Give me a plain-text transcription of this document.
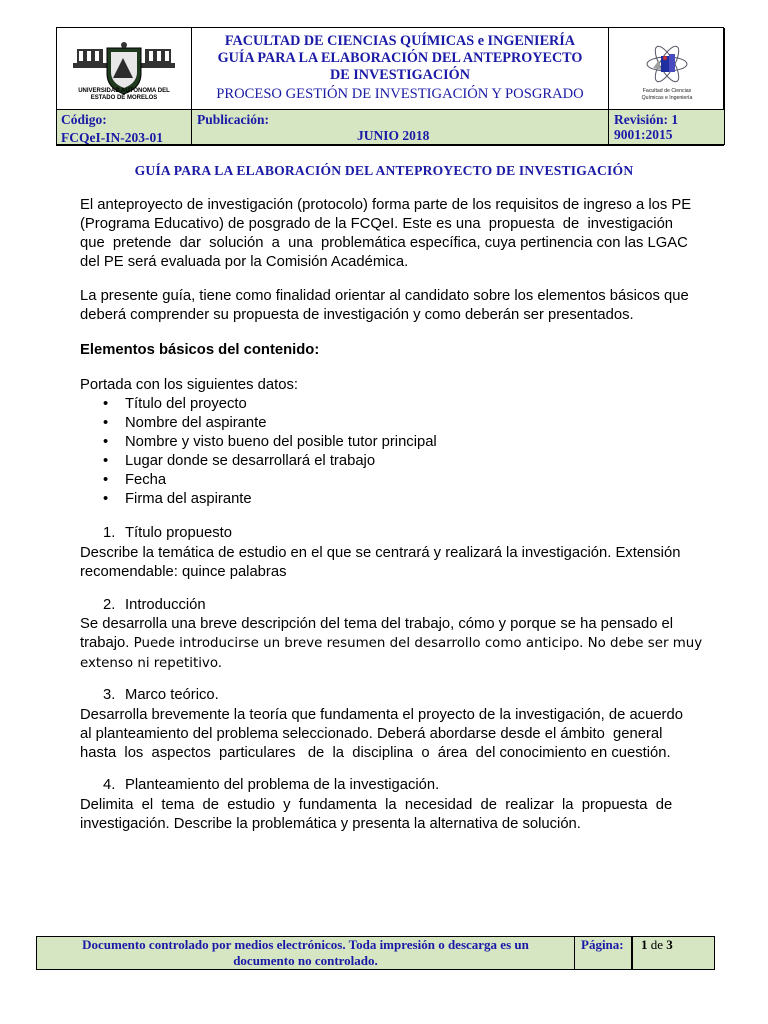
UNIVERSIDAD AUTÓNOMA DEL
ESTADO DE MORELOS
FACULTAD DE CIENCIAS QUÍMICAS e INGENIERÍA
GUÍA PARA LA ELABORACIÓN DEL ANTEPROYECTO
DE INVESTIGACIÓN
PROCESO GESTIÓN DE INVESTIGACIÓN Y POSGRADO	Facultad de Ciencias
Químicas e Ingeniería
Código:
FCQeI-IN-203-01
Publicación:
JUNIO 2018
Revisión: 1
9001:2015
GUÍA PARA LA ELABORACIÓN DEL ANTEPROYECTO DE INVESTIGACIÓN
El anteproyecto de investigación (protocolo) forma parte de los requisitos de ingreso a los PE
(Programa Educativo) de posgrado de la FCQeI. Este es una  propuesta  de  investigación
que  pretende  dar  solución  a  una  problemática específica, cuya pertinencia con las LGAC
del PE será evaluada por la Comisión Académica.
La presente guía, tiene como finalidad orientar al candidato sobre los elementos básicos que
deberá comprender su propuesta de investigación y como deberán ser presentados.
Elementos básicos del contenido:
Portada con los siguientes datos:
• Título del proyecto
• Nombre del aspirante
• Nombre y visto bueno del posible tutor principal
• Lugar donde se desarrollará el trabajo
• Fecha
• Firma del aspirante
1. Título propuesto
Describe la temática de estudio en el que se centrará y realizará la investigación. Extensión
recomendable: quince palabras
2. Introducción
Se desarrolla una breve descripción del tema del trabajo, cómo y porque se ha pensado el
trabajo. Puede introducirse un breve resumen del desarrollo como anticipo. No debe ser muy
extenso ni repetitivo.
3. Marco teórico.
Desarrolla brevemente la teoría que fundamenta el proyecto de la investigación, de acuerdo
al planteamiento del problema seleccionado. Deberá abordarse desde el ámbito  general
hasta  los  aspectos  particulares   de  la  disciplina  o  área  del conocimiento en cuestión.
4. Planteamiento del problema de la investigación.
Delimita  el  tema  de  estudio  y  fundamenta  la  necesidad  de  realizar  la  propuesta  de
investigación. Describe la problemática y presenta la alternativa de solución.
Documento controlado por medios electrónicos. Toda impresión o descarga es un
documento no controlado.
Página:	1 de 3
